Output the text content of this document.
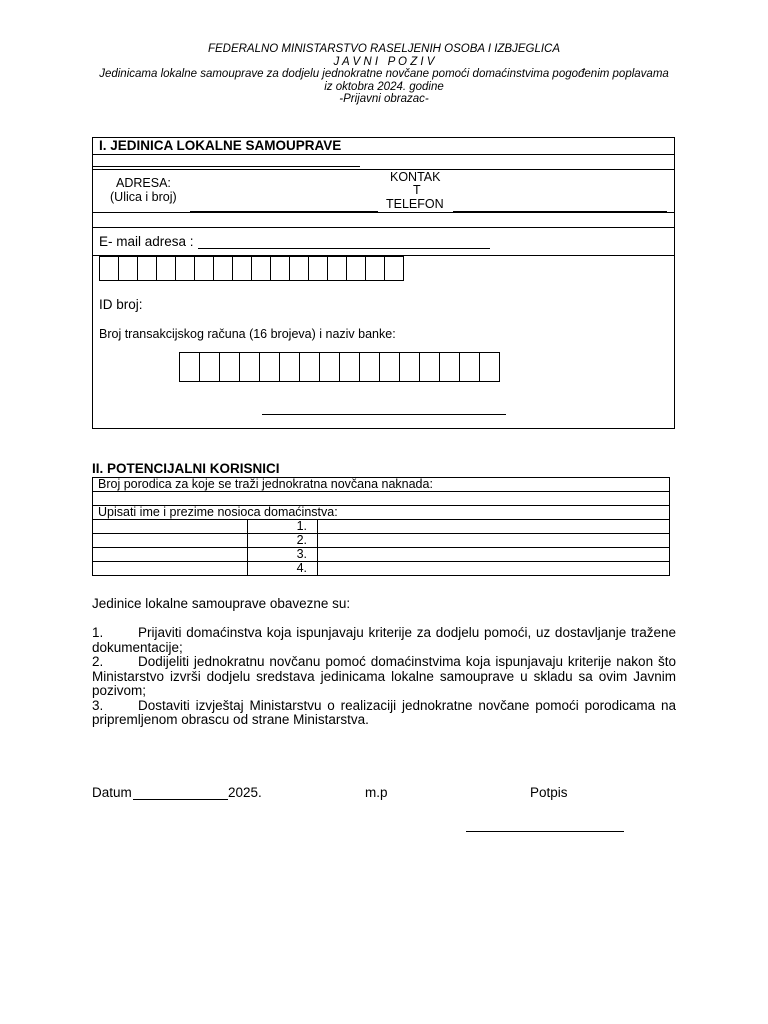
FEDERALNO MINISTARSTVO RASELJENIH OSOBA I IZBJEGLICA
J A V N I   P O Z I V
Jedinicama lokalne samouprave za dodjelu jednokratne novčane pomoći domaćinstvima pogođenim poplavama
iz oktobra 2024. godine
-Prijavni obrazac-
I. JEDINICA LOKALNE SAMOUPRAVE
ADRESA:
(Ulica i broj)
KONTAK
T
TELEFON
E- mail adresa :
ID broj:
Broj transakcijskog računa (16 brojeva) i naziv banke:
II. POTENCIJALNI KORISNICI
Broj porodica za koje se traži jednokratna novčana naknada:		

Upisati ime i prezime nosioca domaćinstva:		
	1.	
	2.	
	3.	
	4.	

Jedinice lokalne samouprave obavezne su:

1.	Prijaviti domaćinstva koja ispunjavaju kriterije za dodjelu pomoći, uz dostavljanje tražene dokumentacije;

2.	Dodijeliti jednokratnu novčanu pomoć domaćinstvima koja ispunjavaju kriterije nakon što Ministarstvo izvrši dodjelu sredstava jedinicama lokalne samouprave u skladu sa ovim Javnim pozivom;

3.	Dostaviti izvještaj Ministarstvu o realizaciji jednokratne novčane pomoći porodicama na pripremljenom obrascu od strane Ministarstva.

Datum	2025.	m.p	Potpis
